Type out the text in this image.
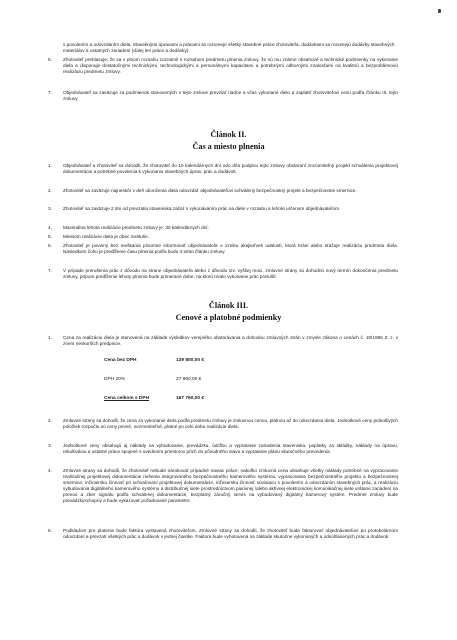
s povolením a odovzdaním diela. Stavebnými úpravami a prácami sa rozumejú všetky stavebné práce zhotoviteľa, dodávkami sa rozumejú dodávky stavebných materiálov a ostatných zariadení (ďalej len práce a dodávky).
6.	Zhotoviteľ prehlasuje, že sa v plnom rozsahu zoznámil s rozsahom predmetu plnenia zmluvy, že sú mu známe obsahové a technické podmienky na vykonanie diela a disponuje dostatočnými technickými, technologickými a personálnymi kapacitami a potrebnými odbornými znalosťami na kvalitnú a bezproblémovú realizáciu predmetu zmluvy.
7.	Objednávateľ sa zaväzuje za podmienok stanovených v tejto zmluve prevziať riadne a včas vykonané dielo a zaplatiť zhotoviteľovi cenu podľa Článku III. tejto zmluvy.
Článok II.
Čas a miesto plnenia
1.	Objednávateľ a zhotoviteľ sa dohodli, že zhotoviteľ do 10 kalendárnych dní odo dňa podpisu tejto zmluvy obstaraní zrozumiteľný projekt schválenia projektovej dokumentácie a potrebné povolenia k vykonaniu stavebných úprav, prác a dodávok.
2.	Zhotoviteľ sa zaväzuje najneskôr v deň ukončenia diela odovzdať objednávateľovi schválený bezpečnostný projekt a bezpečnostné smernice.
3.	Zhotoviteľ sa zaväzuje 2 dni od prevzatia staveniska začať s vykonávaním prác na diele v rozsahu a lehote určenom objednávateľom.
4.	Maximálna lehota realizácie predmetu zmluvy je: 30 kalendárnych dní.
5.	Miestom realizácie diela je obec Svätuše.
6.	Zhotoviteľ je povinný bez meškania písomne informovať objednávateľa o vzniku akejkoľvek udalosti, ktorá bráni alebo sťažuje realizáciu predmetu diela. Následkom čoho je predĺženie času plnenia podľa bodu 3 tohto článku zmluvy.
7.	V prípade prerušenia prác z dôvodu na strane objednávateľa alebo z dôvodu tzv. vyššej moci, zmluvné strany sú dohodnú nový termín dokončenia predmetu zmluvy, prípom predĺženie lehoty plnenia bude primerané dobe, na ktorú trvalo vykonanie prác prerušiť.
Článok III.
Cenové a platobné podmienky
1.	Cena za realizáciu diela je stanovená na základe výsledkov verejného obstarávania a dohodou zmluvných strán v zmysle zákona o cenách č. 18/1996 Z. z. v znení neskorších predpisov.
Cena bez DPH	139 800,00 €
DPH 20%	27 960,00 €
Cena celkom s DPH	167 760,00 €
2.	Zmluvné strany sa dohodli, že cena za vykonanie diela podľa predmetu zmluvy je zmluvnou cenou, platnou až do odovzdania diela. Jednotkové ceny jednotlivých položiek rozpočtu sú ceny pevné, nezmeniteľné, platné po celú dobu realizácie diela.
3.	Jednotkové ceny obsahujú aj náklady na vybudovanie, prevádzku, údržbu a vypratanie zariadenia staveniska, poplatky za skládky, náklady na úpravu, rekultiváciu a ostatné práce spojené s uvedením priestorov pŕich do pôvodného stavu a vypratanie plánu skutočného prevedenia.
4.	Zmluvné strany sa dohodli, že zhotoviteľ nebude nárokovať prípadné naviac práce, nakoľko zmluvná cena obsahuje všetky náklady potrebné na vypracovanie realizačnej projektovej dokumentácie riešenia integrovaného bezpečnostného kamerového systému, vypracovanie bezpečnostného projektu a bezpečnostnej smernice, inžiniersku činnosť pri schvaľovaní projektovej dokumentácie, inžiniersku činnosť súvisiacu s povolením a odovzdaním stavebných prác, a realizáciu vybudovania digitálneho kamerového systému a distribučnej siete prostredníctvom pasívnej /alebo aktívnej elektronickej komunikačnej siete vrátane zariadení na prenos a zber signálu podľa schválenej dokumentácie, bezplatný záručný servis na vybudovaný digitálny kamerový systém. Predmet zmluvy bude prevádzkyschopný a bude vykazovať požadované parametre.
5.	Podkladom pre platenie bude faktúra vystavená zhotoviteľom. Zmluvné strany sa dohodli, že zhotoviteľ bude fakturovať objednávateľovi po protokolárnom odovzdaní a prevzatí všetkých prác a dodávok v jednej čiastke. Faktúra bude vyhotovená na základe skutočne vykonaných a odsúhlasených prác a dodávok.
